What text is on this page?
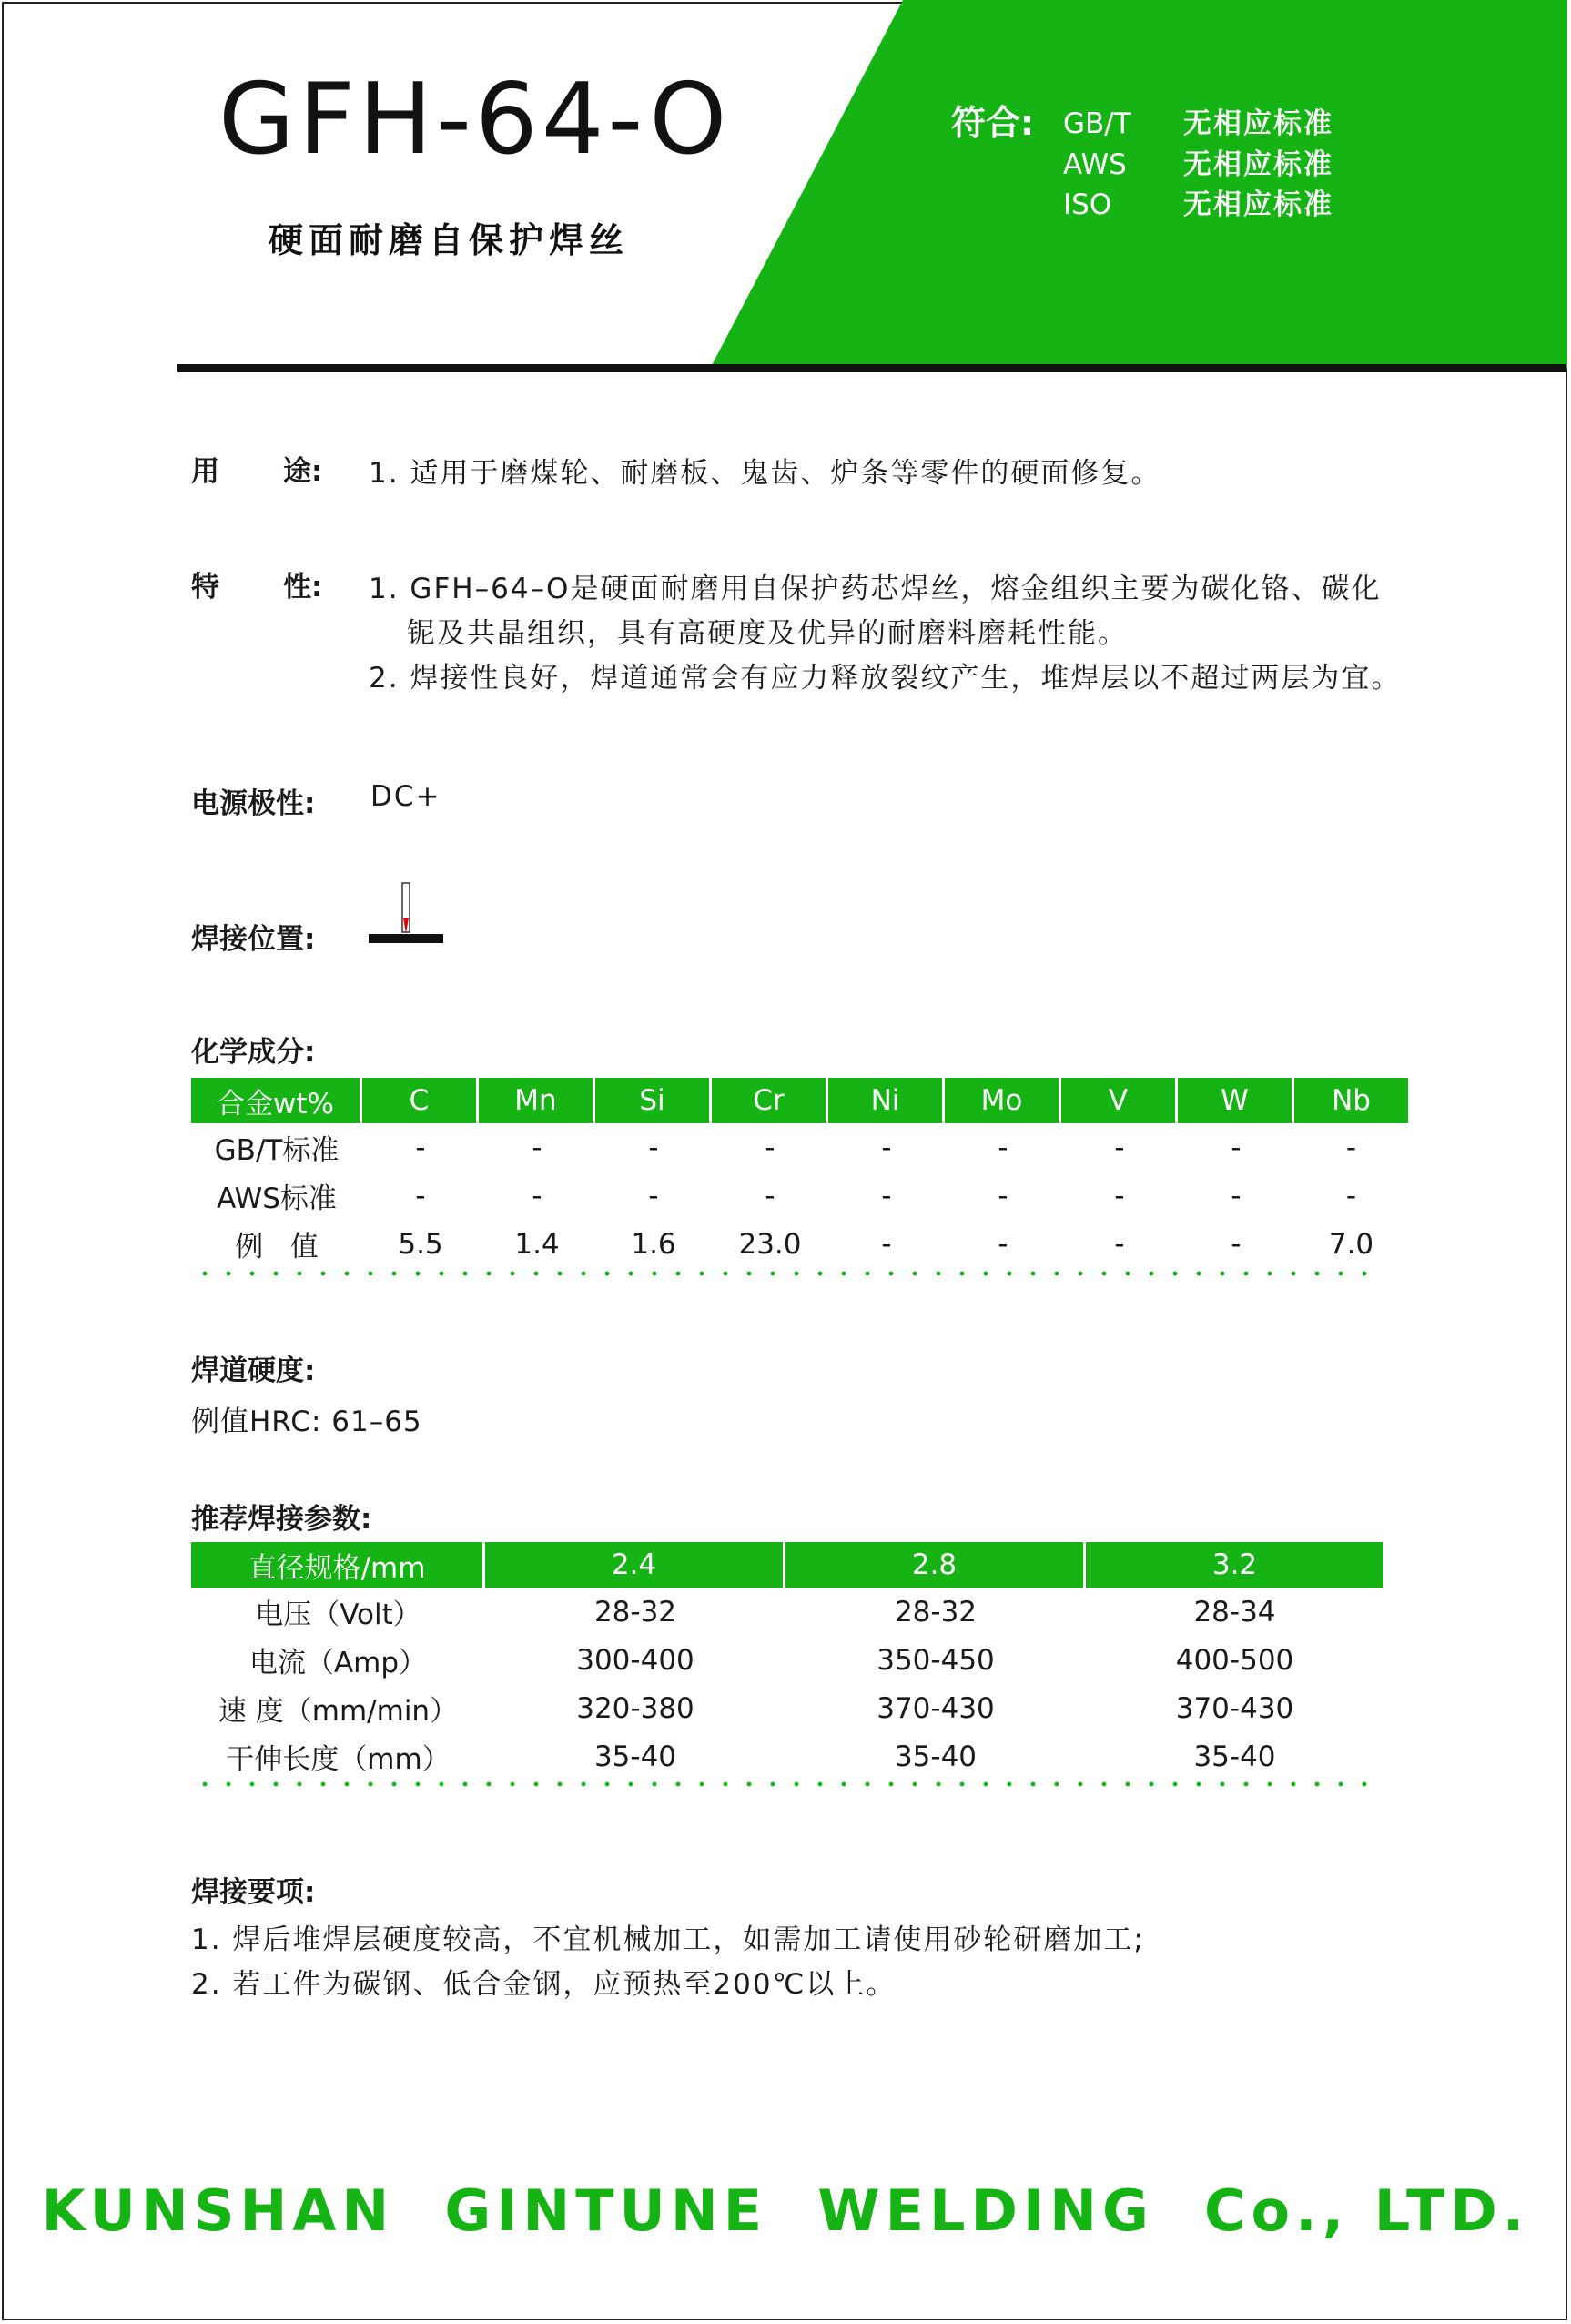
GFH-64-O
硬面耐磨自保护焊丝
符合: GB/T 无相应标准
AWS 无相应标准
ISO	无相应标准
用 途: 1. 适用于磨煤轮、耐磨板、鬼齿、炉条等零件的硬面修复。
特 性: 1. GFH–64–O是硬面耐磨用自保护药芯焊丝，熔金组织主要为碳化铬、碳化
铌及共晶组织，具有高硬度及优异的耐磨料磨耗性能。
2. 焊接性良好，焊道通常会有应力释放裂纹产生，堆焊层以不超过两层为宜。
电源极性: DC+
焊接位置:
化学成分:
合金wt%	C	Mn	Si	Cr	Ni	Mo	V	W	Nb
GB/T标准	-	-	-	-	-	-	-	-	-
AWS标准	-	-	-	-	-	-	-	-	-
例   值	5.5	1.4	1.6	23.0	-	-	-	-	7.0
焊道硬度:
例值HRC: 61–65
推荐焊接参数:
直径规格/mm	2.4	2.8	3.2
电压（Volt）	28-32	28-32	28-34
电流（Amp）	300-400	350-450	400-500
速 度（mm/min）	320-380	370-430	370-430
干伸长度（mm）	35-40	35-40	35-40
焊接要项:
1. 焊后堆焊层硬度较高，不宜机械加工，如需加工请使用砂轮研磨加工;
2. 若工件为碳钢、低合金钢，应预热至200℃以上。
KUNSHAN  GINTUNE  WELDING  Co., LTD.
